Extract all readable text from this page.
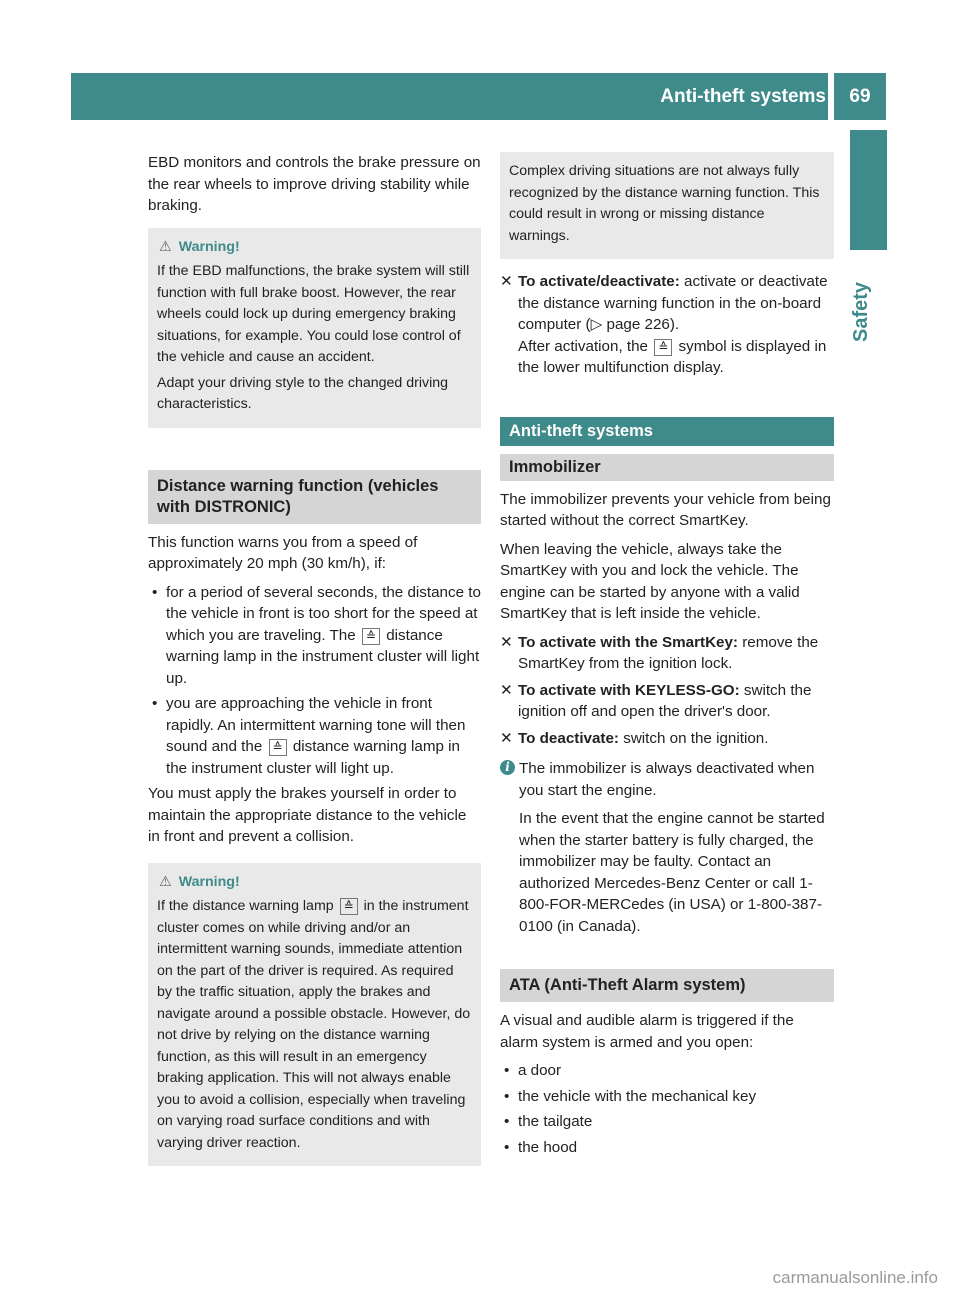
Anti-theft systems	69
Safety

EBD monitors and controls the brake pressure on the rear wheels to improve driving stability while braking.

⚠ Warning!

If the EBD malfunctions, the brake system will still function with full brake boost. However, the rear wheels could lock up during emergency braking situations, for example. You could lose control of the vehicle and cause an accident.

Adapt your driving style to the changed driving characteristics.

Distance warning function (vehicles with DISTRONIC)

This function warns you from a speed of approximately 20 mph (30 km/h), if:

• for a period of several seconds, the distance to the vehicle in front is too short for the speed at which you are traveling. The ≙ distance warning lamp in the instrument cluster will light up.
• you are approaching the vehicle in front rapidly. An intermittent warning tone will then sound and the ≙ distance warning lamp in the instrument cluster will light up.

You must apply the brakes yourself in order to maintain the appropriate distance to the vehicle in front and prevent a collision.

⚠ Warning!

If the distance warning lamp ≙ in the instrument cluster comes on while driving and/or an intermittent warning sounds, immediate attention on the part of the driver is required. As required by the traffic situation, apply the brakes and navigate around a possible obstacle. However, do not drive by relying on the distance warning function, as this will result in an emergency braking application. This will not always enable you to avoid a collision, especially when traveling on varying road surface conditions and with varying driver reaction.

Complex driving situations are not always fully recognized by the distance warning function. This could result in wrong or missing distance warnings.

✕ To activate/deactivate: activate or deactivate the distance warning function in the on-board computer (▷ page 226).
After activation, the ≙ symbol is displayed in the lower multifunction display.
Anti-theft systems
Immobilizer

The immobilizer prevents your vehicle from being started without the correct SmartKey.

When leaving the vehicle, always take the SmartKey with you and lock the vehicle. The engine can be started by anyone with a valid SmartKey that is left inside the vehicle.

✕ To activate with the SmartKey: remove the SmartKey from the ignition lock.
✕ To activate with KEYLESS-GO: switch the ignition off and open the driver's door.
✕ To deactivate: switch on the ignition.
i The immobilizer is always deactivated when you start the engine.

In the event that the engine cannot be started when the starter battery is fully charged, the immobilizer may be faulty. Contact an authorized Mercedes-Benz Center or call 1-800-FOR-MERCedes (in USA) or 1-800-387-0100 (in Canada).

ATA (Anti-Theft Alarm system)

A visual and audible alarm is triggered if the alarm system is armed and you open:

• a door
• the vehicle with the mechanical key
• the tailgate
• the hood
carmanualsonline.info
